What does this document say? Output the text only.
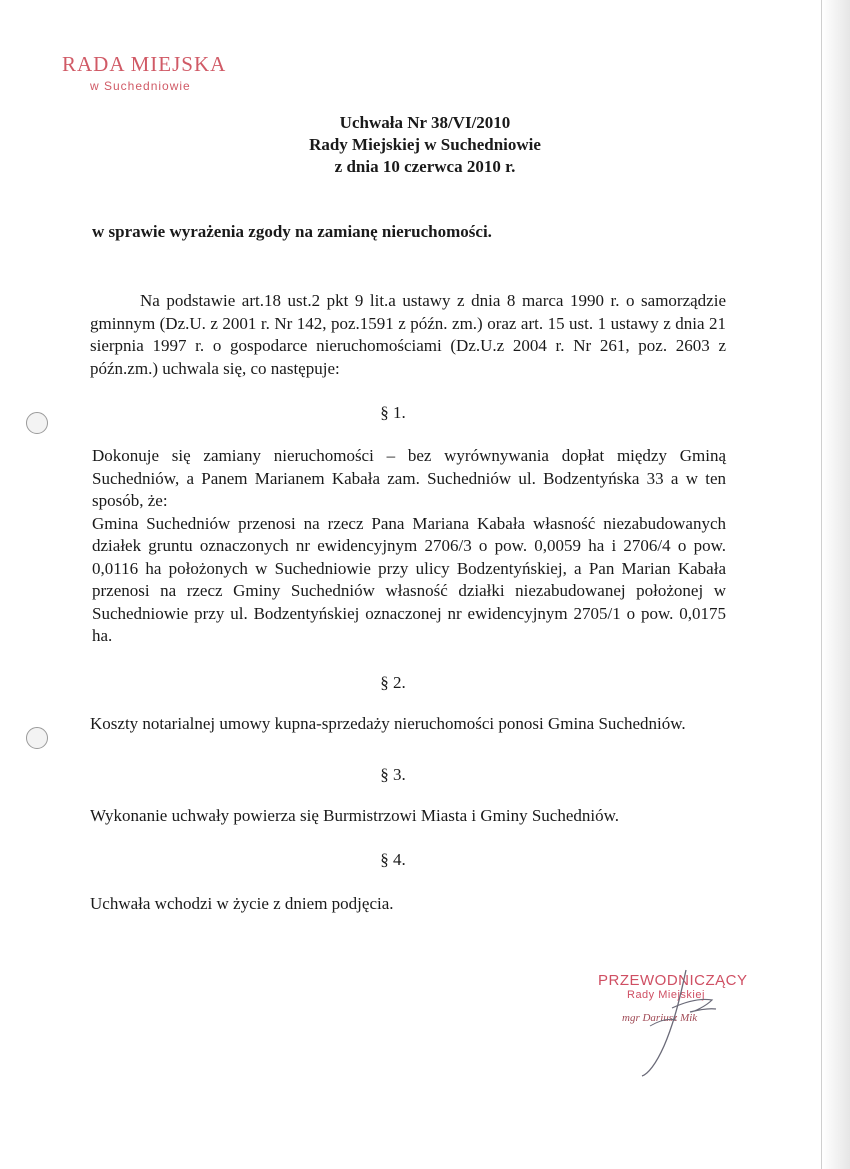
RADA MIEJSKA
w Suchedniowie
Uchwała Nr 38/VI/2010
Rady Miejskiej w Suchedniowie
z dnia 10 czerwca 2010 r.
w sprawie wyrażenia zgody na zamianę nieruchomości.

Na podstawie art.18 ust.2 pkt 9 lit.a ustawy z dnia 8 marca 1990 r. o samorządzie gminnym (Dz.U. z 2001 r. Nr 142, poz.1591 z późn. zm.) oraz art. 15 ust. 1 ustawy z dnia 21 sierpnia 1997 r. o gospodarce nieruchomościami (Dz.U.z 2004 r. Nr 261, poz. 2603 z późn.zm.) uchwala się, co następuje:

§ 1.

Dokonuje się zamiany nieruchomości – bez wyrównywania dopłat między Gminą Suchedniów, a Panem Marianem Kabała zam. Suchedniów ul. Bodzentyńska 33 a w ten sposób, że:
Gmina Suchedniów przenosi na rzecz Pana Mariana Kabała własność niezabudowanych działek gruntu oznaczonych nr ewidencyjnym 2706/3 o pow. 0,0059 ha i 2706/4 o pow. 0,0116 ha położonych w Suchedniowie przy ulicy Bodzentyńskiej, a Pan Marian Kabała przenosi na rzecz Gminy Suchedniów własność działki niezabudowanej położonej w Suchedniowie przy ul. Bodzentyńskiej oznaczonej nr ewidencyjnym 2705/1 o pow. 0,0175 ha.

§ 2.

Koszty notarialnej umowy kupna-sprzedaży nieruchomości ponosi Gmina Suchedniów.

§ 3.

Wykonanie uchwały powierza się Burmistrzowi Miasta i Gminy Suchedniów.

§ 4.

Uchwała wchodzi w życie z dniem podjęcia.

PRZEWODNICZĄCY
Rady Miejskiej
mgr Dariusz Mik
